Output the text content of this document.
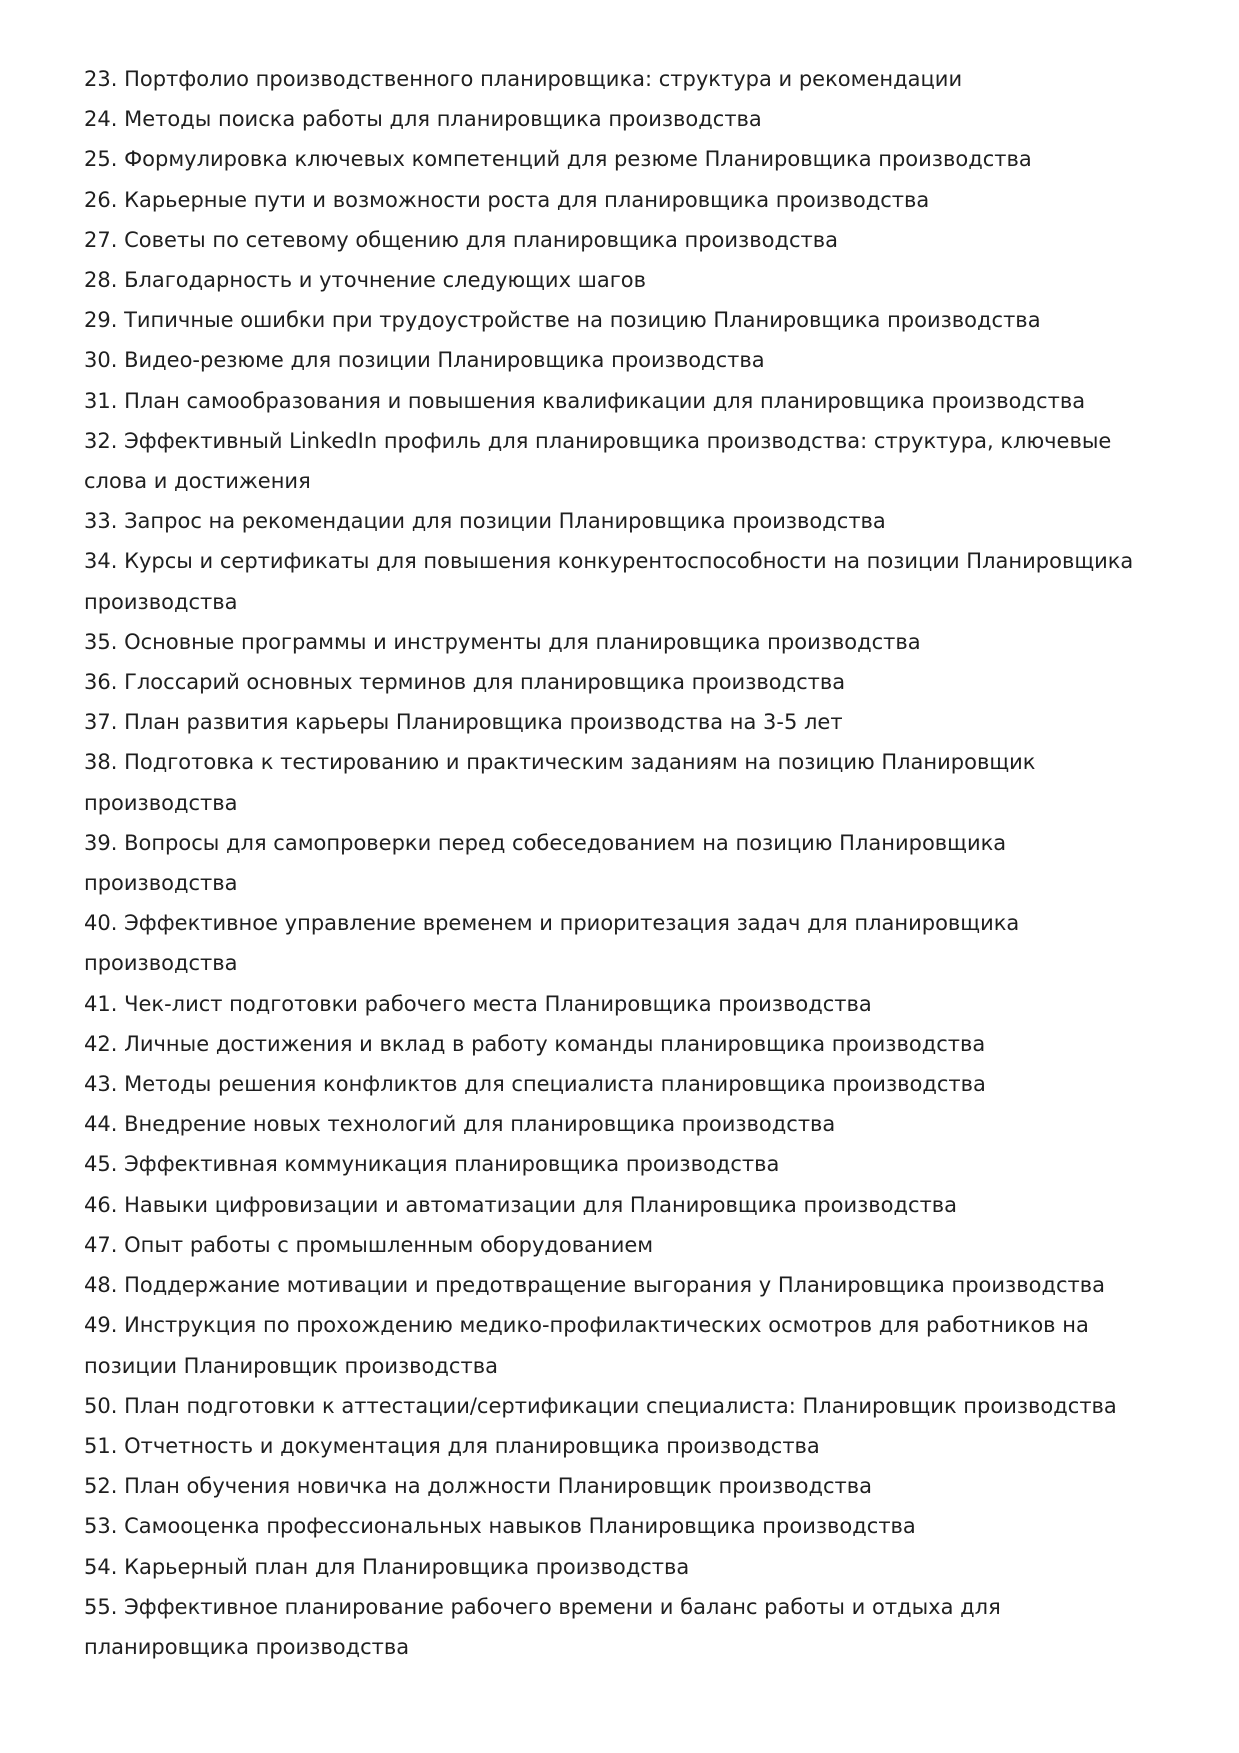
23. Портфолио производственного планировщика: структура и рекомендации
24. Методы поиска работы для планировщика производства
25. Формулировка ключевых компетенций для резюме Планировщика производства
26. Карьерные пути и возможности роста для планировщика производства
27. Советы по сетевому общению для планировщика производства
28. Благодарность и уточнение следующих шагов
29. Типичные ошибки при трудоустройстве на позицию Планировщика производства
30. Видео-резюме для позиции Планировщика производства
31. План самообразования и повышения квалификации для планировщика производства
32. Эффективный LinkedIn профиль для планировщика производства: структура, ключевые слова и достижения
33. Запрос на рекомендации для позиции Планировщика производства
34. Курсы и сертификаты для повышения конкурентоспособности на позиции Планировщика производства
35. Основные программы и инструменты для планировщика производства
36. Глоссарий основных терминов для планировщика производства
37. План развития карьеры Планировщика производства на 3-5 лет
38. Подготовка к тестированию и практическим заданиям на позицию Планировщик производства
39. Вопросы для самопроверки перед собеседованием на позицию Планировщика производства
40. Эффективное управление временем и приоритезация задач для планировщика производства
41. Чек-лист подготовки рабочего места Планировщика производства
42. Личные достижения и вклад в работу команды планировщика производства
43. Методы решения конфликтов для специалиста планировщика производства
44. Внедрение новых технологий для планировщика производства
45. Эффективная коммуникация планировщика производства
46. Навыки цифровизации и автоматизации для Планировщика производства
47. Опыт работы с промышленным оборудованием
48. Поддержание мотивации и предотвращение выгорания у Планировщика производства
49. Инструкция по прохождению медико-профилактических осмотров для работников на позиции Планировщик производства
50. План подготовки к аттестации/сертификации специалиста: Планировщик производства
51. Отчетность и документация для планировщика производства
52. План обучения новичка на должности Планировщик производства
53. Самооценка профессиональных навыков Планировщика производства
54. Карьерный план для Планировщика производства
55. Эффективное планирование рабочего времени и баланс работы и отдыха для планировщика производства
